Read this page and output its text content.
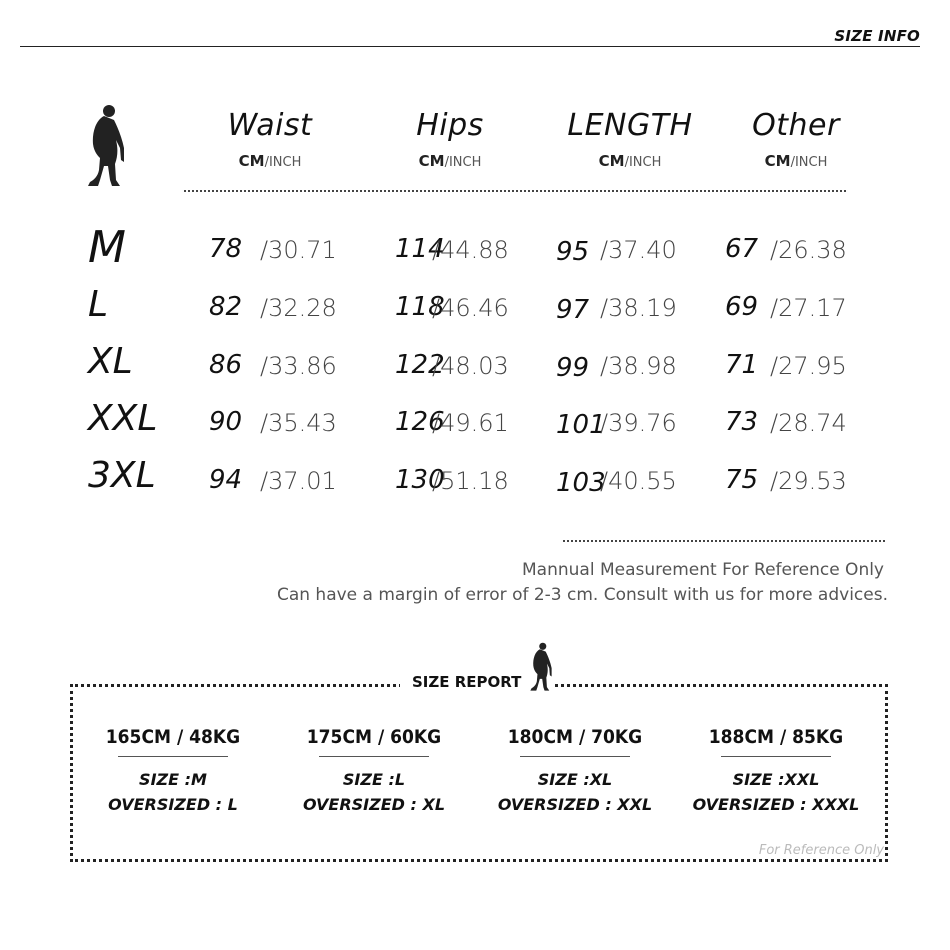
SIZE INFO
Waist
CM/INCH
Hips
CM/INCH
LENGTH
CM/INCH
Other
CM/INCH
M
L
XL
XXL
3XL
78 /30.71 114
/44.88 95 /37.40 67 /26.38
82 /32.28 118
/46.46 97 /38.19 69 /27.17
86 /33.86 122
/48.03 99 /38.98 71 /27.95
90 /35.43 126
/49.61 101
/39.76 73 /28.74
94 /37.01 130
/51.18 103
/40.55 75 /29.53
Mannual Measurement For Reference Only
Can have a margin of error of 2-3 cm. Consult with us for more advices.
SIZE REPORT
165CM / 48KG
SIZE :M
OVERSIZED : L
175CM / 60KG
SIZE :L
OVERSIZED : XL
180CM / 70KG
SIZE :XL
OVERSIZED : XXL
188CM / 85KG
SIZE :XXL
OVERSIZED : XXXL
For Reference Only
